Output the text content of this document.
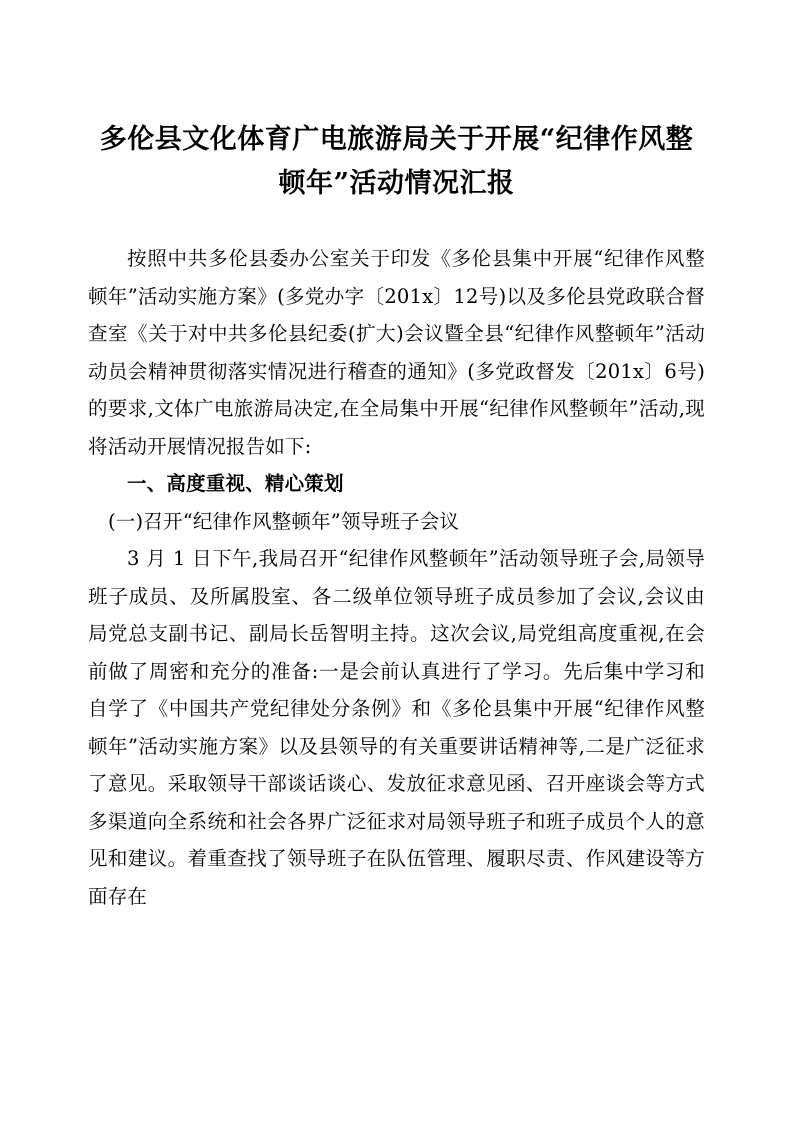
多伦县文化体育广电旅游局关于开展“纪律作风整顿年”活动情况汇报

按照中共多伦县委办公室关于印发《多伦县集中开展“纪律作风整顿年”活动实施方案》(多党办字〔201x〕12号)以及多伦县党政联合督查室《关于对中共多伦县纪委(扩大)会议暨全县“纪律作风整顿年”活动动员会精神贯彻落实情况进行稽查的通知》(多党政督发〔201x〕6号)的要求,文体广电旅游局决定,在全局集中开展“纪律作风整顿年”活动,现将活动开展情况报告如下:

一、高度重视、精心策划

(一)召开“纪律作风整顿年”领导班子会议

3 月 1 日下午,我局召开“纪律作风整顿年”活动领导班子会,局领导班子成员、及所属股室、各二级单位领导班子成员参加了会议,会议由局党总支副书记、副局长岳智明主持。这次会议,局党组高度重视,在会前做了周密和充分的准备:一是会前认真进行了学习。先后集中学习和自学了《中国共产党纪律处分条例》和《多伦县集中开展“纪律作风整顿年”活动实施方案》以及县领导的有关重要讲话精神等,二是广泛征求了意见。采取领导干部谈话谈心、发放征求意见函、召开座谈会等方式多渠道向全系统和社会各界广泛征求对局领导班子和班子成员个人的意见和建议。着重查找了领导班子在队伍管理、履职尽责、作风建设等方面存在
